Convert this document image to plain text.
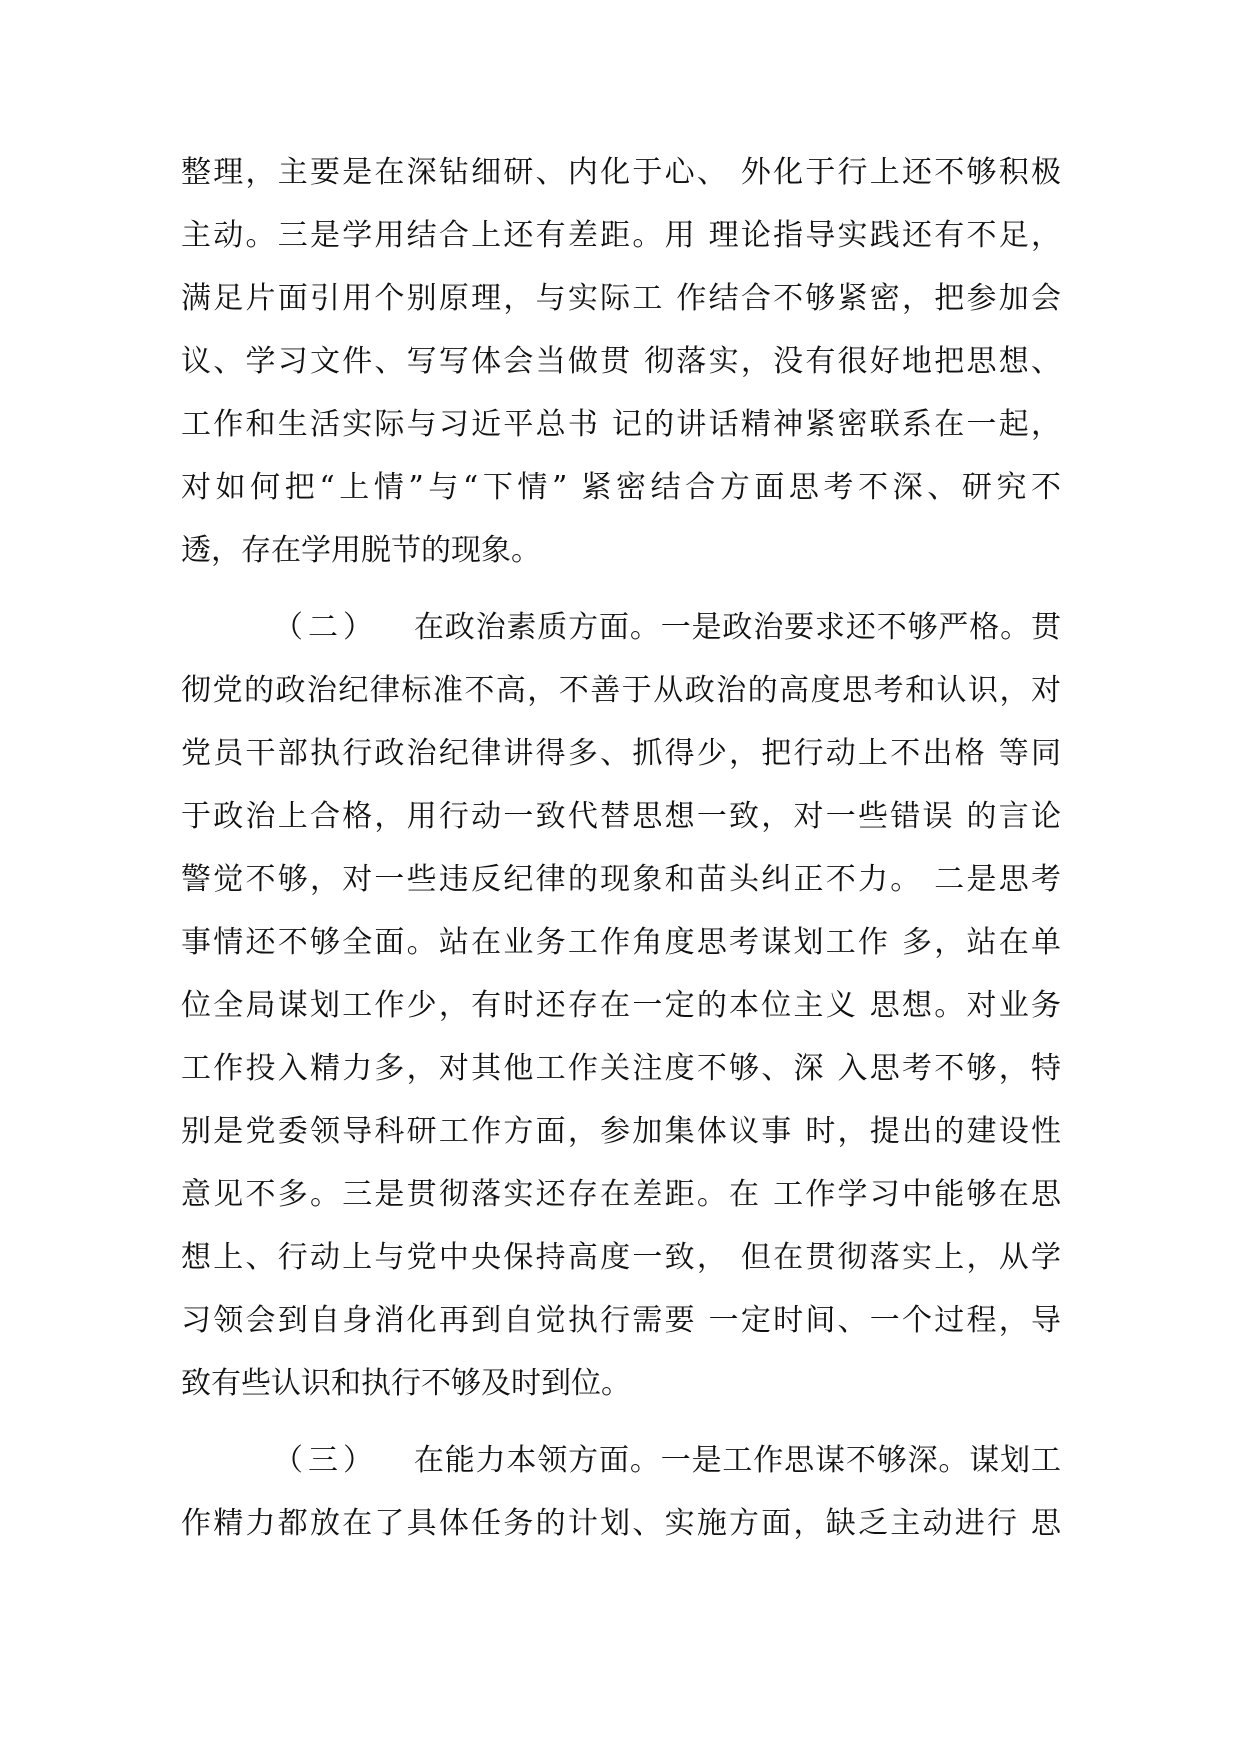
整理，主要是在深钻细研、内化于心、 外化于行上还不够积极
主动。三是学用结合上还有差距。用 理论指导实践还有不足，
满足片面引用个别原理，与实际工 作结合不够紧密，把参加会
议、学习文件、写写体会当做贯 彻落实，没有很好地把思想、
工作和生活实际与习近平总书 记的讲话精神紧密联系在一起，
对如何把“上情”与“下情” 紧密结合方面思考不深、研究不
透，存在学用脱节的现象。
（二） 在政治素质方面。一是政治要求还不够严格。贯
彻党的政治纪律标准不高，不善于从政治的高度思考和认识，对
党员干部执行政治纪律讲得多、抓得少，把行动上不出格 等同
于政治上合格，用行动一致代替思想一致，对一些错误 的言论
警觉不够，对一些违反纪律的现象和苗头纠正不力。 二是思考
事情还不够全面。站在业务工作角度思考谋划工作 多，站在单
位全局谋划工作少，有时还存在一定的本位主义 思想。对业务
工作投入精力多，对其他工作关注度不够、深 入思考不够，特
别是党委领导科研工作方面，参加集体议事 时，提出的建设性
意见不多。三是贯彻落实还存在差距。在 工作学习中能够在思
想上、行动上与党中央保持高度一致， 但在贯彻落实上，从学
习领会到自身消化再到自觉执行需要 一定时间、一个过程，导
致有些认识和执行不够及时到位。
（三） 在能力本领方面。一是工作思谋不够深。谋划工
作精力都放在了具体任务的计划、实施方面，缺乏主动进行 思
